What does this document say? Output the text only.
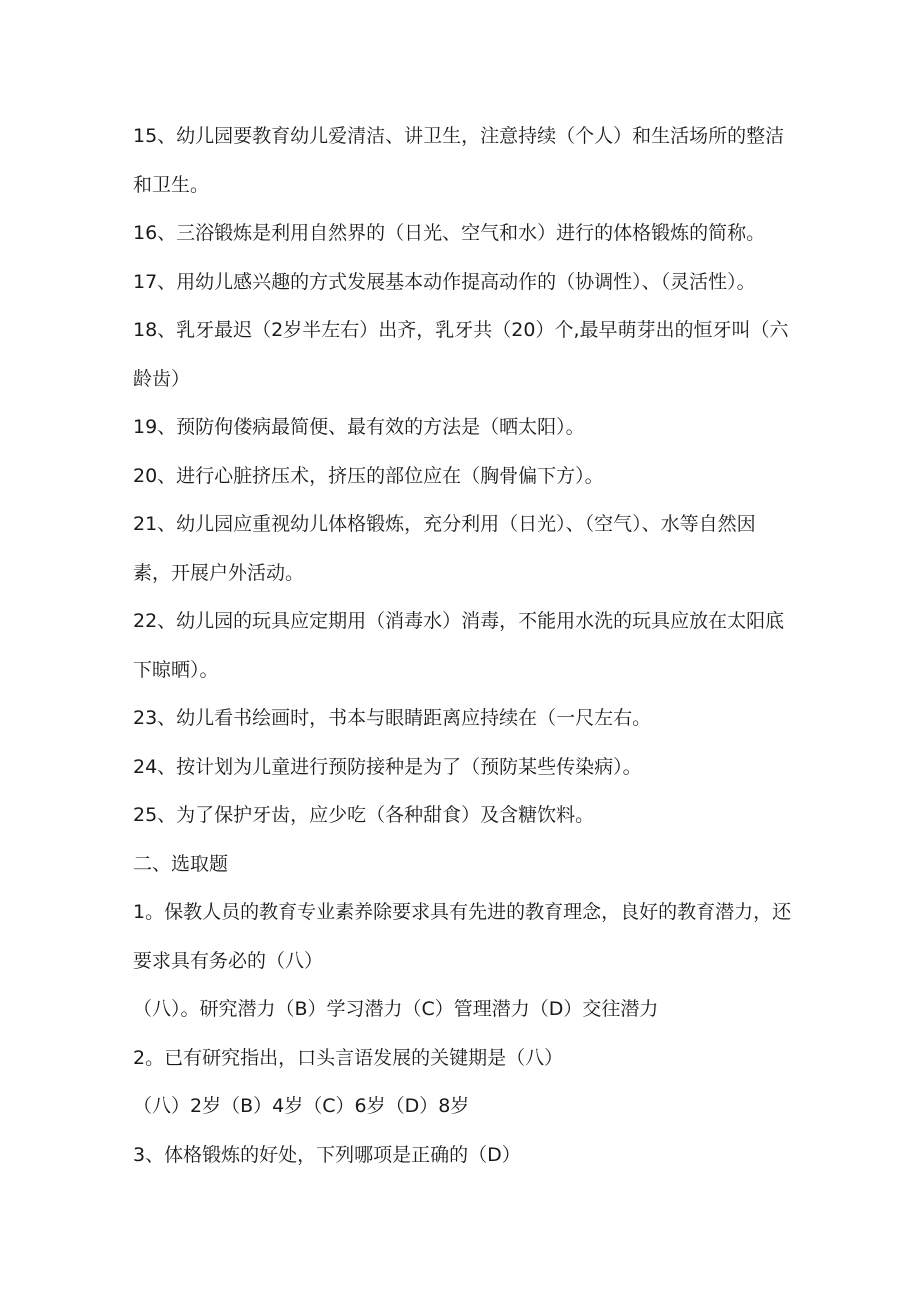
15、幼儿园要教育幼儿爱清洁、讲卫生，注意持续（个人）和生活场所的整洁和卫生。

16、三浴锻炼是利用自然界的（日光、空气和水）进行的体格锻炼的简称。

17、用幼儿感兴趣的方式发展基本动作提高动作的（协调性）、（灵活性）。

18、乳牙最迟（2岁半左右）出齐，乳牙共（20）个,最早萌芽出的恒牙叫（六龄齿）

19、预防佝偻病最简便、最有效的方法是（晒太阳）。

20、进行心脏挤压术，挤压的部位应在（胸骨偏下方）。

21、幼儿园应重视幼儿体格锻炼，充分利用（日光）、（空气）、水等自然因素，开展户外活动。

22、幼儿园的玩具应定期用（消毒水）消毒，不能用水洗的玩具应放在太阳底下晾晒）。

23、幼儿看书绘画时，书本与眼睛距离应持续在（一尺左右。

24、按计划为儿童进行预防接种是为了（预防某些传染病）。

25、为了保护牙齿，应少吃（各种甜食）及含糖饮料。

二、选取题

1。保教人员的教育专业素养除要求具有先进的教育理念，良好的教育潜力，还要求具有务必的（八）

（八）。研究潜力（B）学习潜力（C）管理潜力（D）交往潜力

2。已有研究指出，口头言语发展的关键期是（八）

（八）2岁（B）4岁（C）6岁（D）8岁

3、体格锻炼的好处，下列哪项是正确的（D）
